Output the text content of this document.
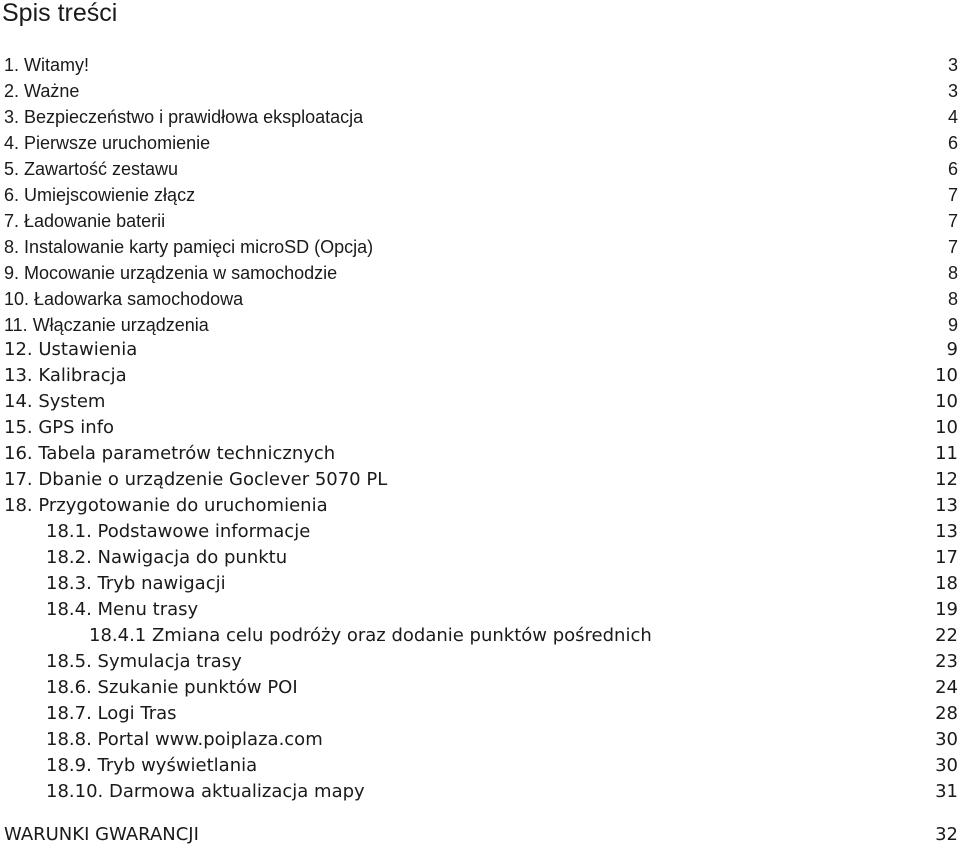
Spis treści
1. Witamy!	3
2. Ważne	3
3. Bezpieczeństwo i prawidłowa eksploatacja	4
4. Pierwsze uruchomienie	6
5. Zawartość zestawu	6
6. Umiejscowienie złącz	7
7. Ładowanie baterii	7
8. Instalowanie karty pamięci microSD (Opcja)	7
9. Mocowanie urządzenia w samochodzie	8
10. Ładowarka samochodowa	8
11. Włączanie urządzenia	9
12. Ustawienia	9
13. Kalibracja	10
14. System	10
15. GPS info	10
16. Tabela parametrów technicznych	11
17. Dbanie o urządzenie Goclever 5070 PL	12
18. Przygotowanie do uruchomienia	13
18.1. Podstawowe informacje	13
18.2. Nawigacja do punktu	17
18.3. Tryb nawigacji	18
18.4. Menu trasy	19
18.4.1 Zmiana celu podróży oraz dodanie punktów pośrednich	22
18.5. Symulacja trasy	23
18.6. Szukanie punktów POI	24
18.7. Logi Tras	28
18.8. Portal www.poiplaza.com	30
18.9. Tryb wyświetlania	30
18.10. Darmowa aktualizacja mapy	31
WARUNKI GWARANCJI	32
